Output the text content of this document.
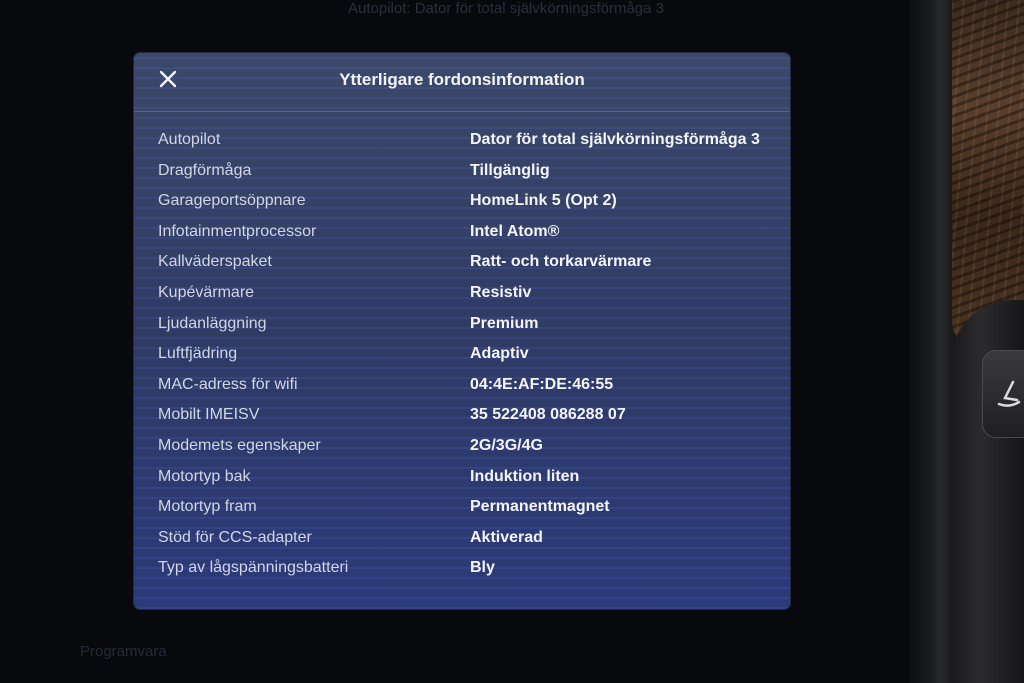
Autopilot: Dator för total självkörningsförmåga 3
Programvara
Ytterligare fordonsinformation
Autopilot	Dator för total självkörningsförmåga 3
Dragförmåga	Tillgänglig
Garageportsöppnare	HomeLink 5 (Opt 2)
Infotainmentprocessor	Intel Atom®
Kallväderspaket	Ratt- och torkarvärmare
Kupévärmare	Resistiv
Ljudanläggning	Premium
Luftfjädring	Adaptiv
MAC-adress för wifi	04:4E:AF:DE:46:55
Mobilt IMEISV	35 522408 086288 07
Modemets egenskaper	2G/3G/4G
Motortyp bak	Induktion liten
Motortyp fram	Permanentmagnet
Stöd för CCS-adapter	Aktiverad
Typ av lågspänningsbatteri	Bly
